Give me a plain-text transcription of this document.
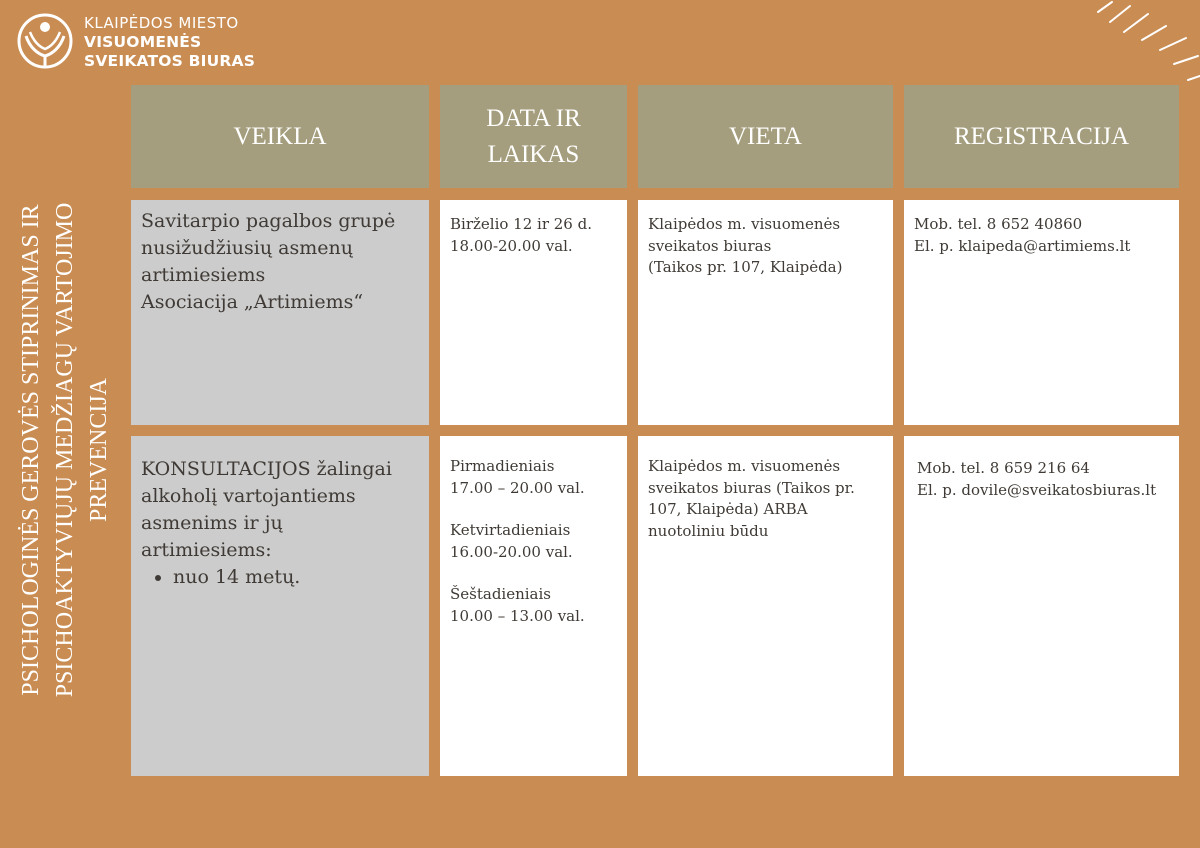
KLAIPĖDOS MIESTO
VISUOMENĖS
SVEIKATOS BIURAS
PSICHOLOGINĖS GEROVĖS STIPRINIMAS IR PSICHOAKTYVIŲJŲ MEDŽIAGŲ VARTOJIMO PREVENCIJA
VEIKLA
DATA IR
LAIKAS
VIETA	REGISTRACIJA
Savitarpio pagalbos grupė
nusižudžiusių asmenų
artimiesiems
Asociacija „Artimiems“
Birželio 12 ir 26 d.
18.00-20.00 val.
Klaipėdos m. visuomenės
sveikatos biuras
(Taikos pr. 107, Klaipėda)
Mob. tel. 8 652 40860
El. p. klaipeda@artimiems.lt
KONSULTACIJOS žalingai
alkoholį vartojantiems
asmenims ir jų
artimiesiems:
• nuo 14 metų.
Pirmadieniais
17.00 – 20.00 val.
Ketvirtadieniais
16.00-20.00 val.
Šeštadieniais
10.00 – 13.00 val.
Klaipėdos m. visuomenės
sveikatos biuras (Taikos pr.
107, Klaipėda) ARBA
nuotoliniu būdu
Mob. tel. 8 659 216 64
El. p. dovile@sveikatosbiuras.lt
